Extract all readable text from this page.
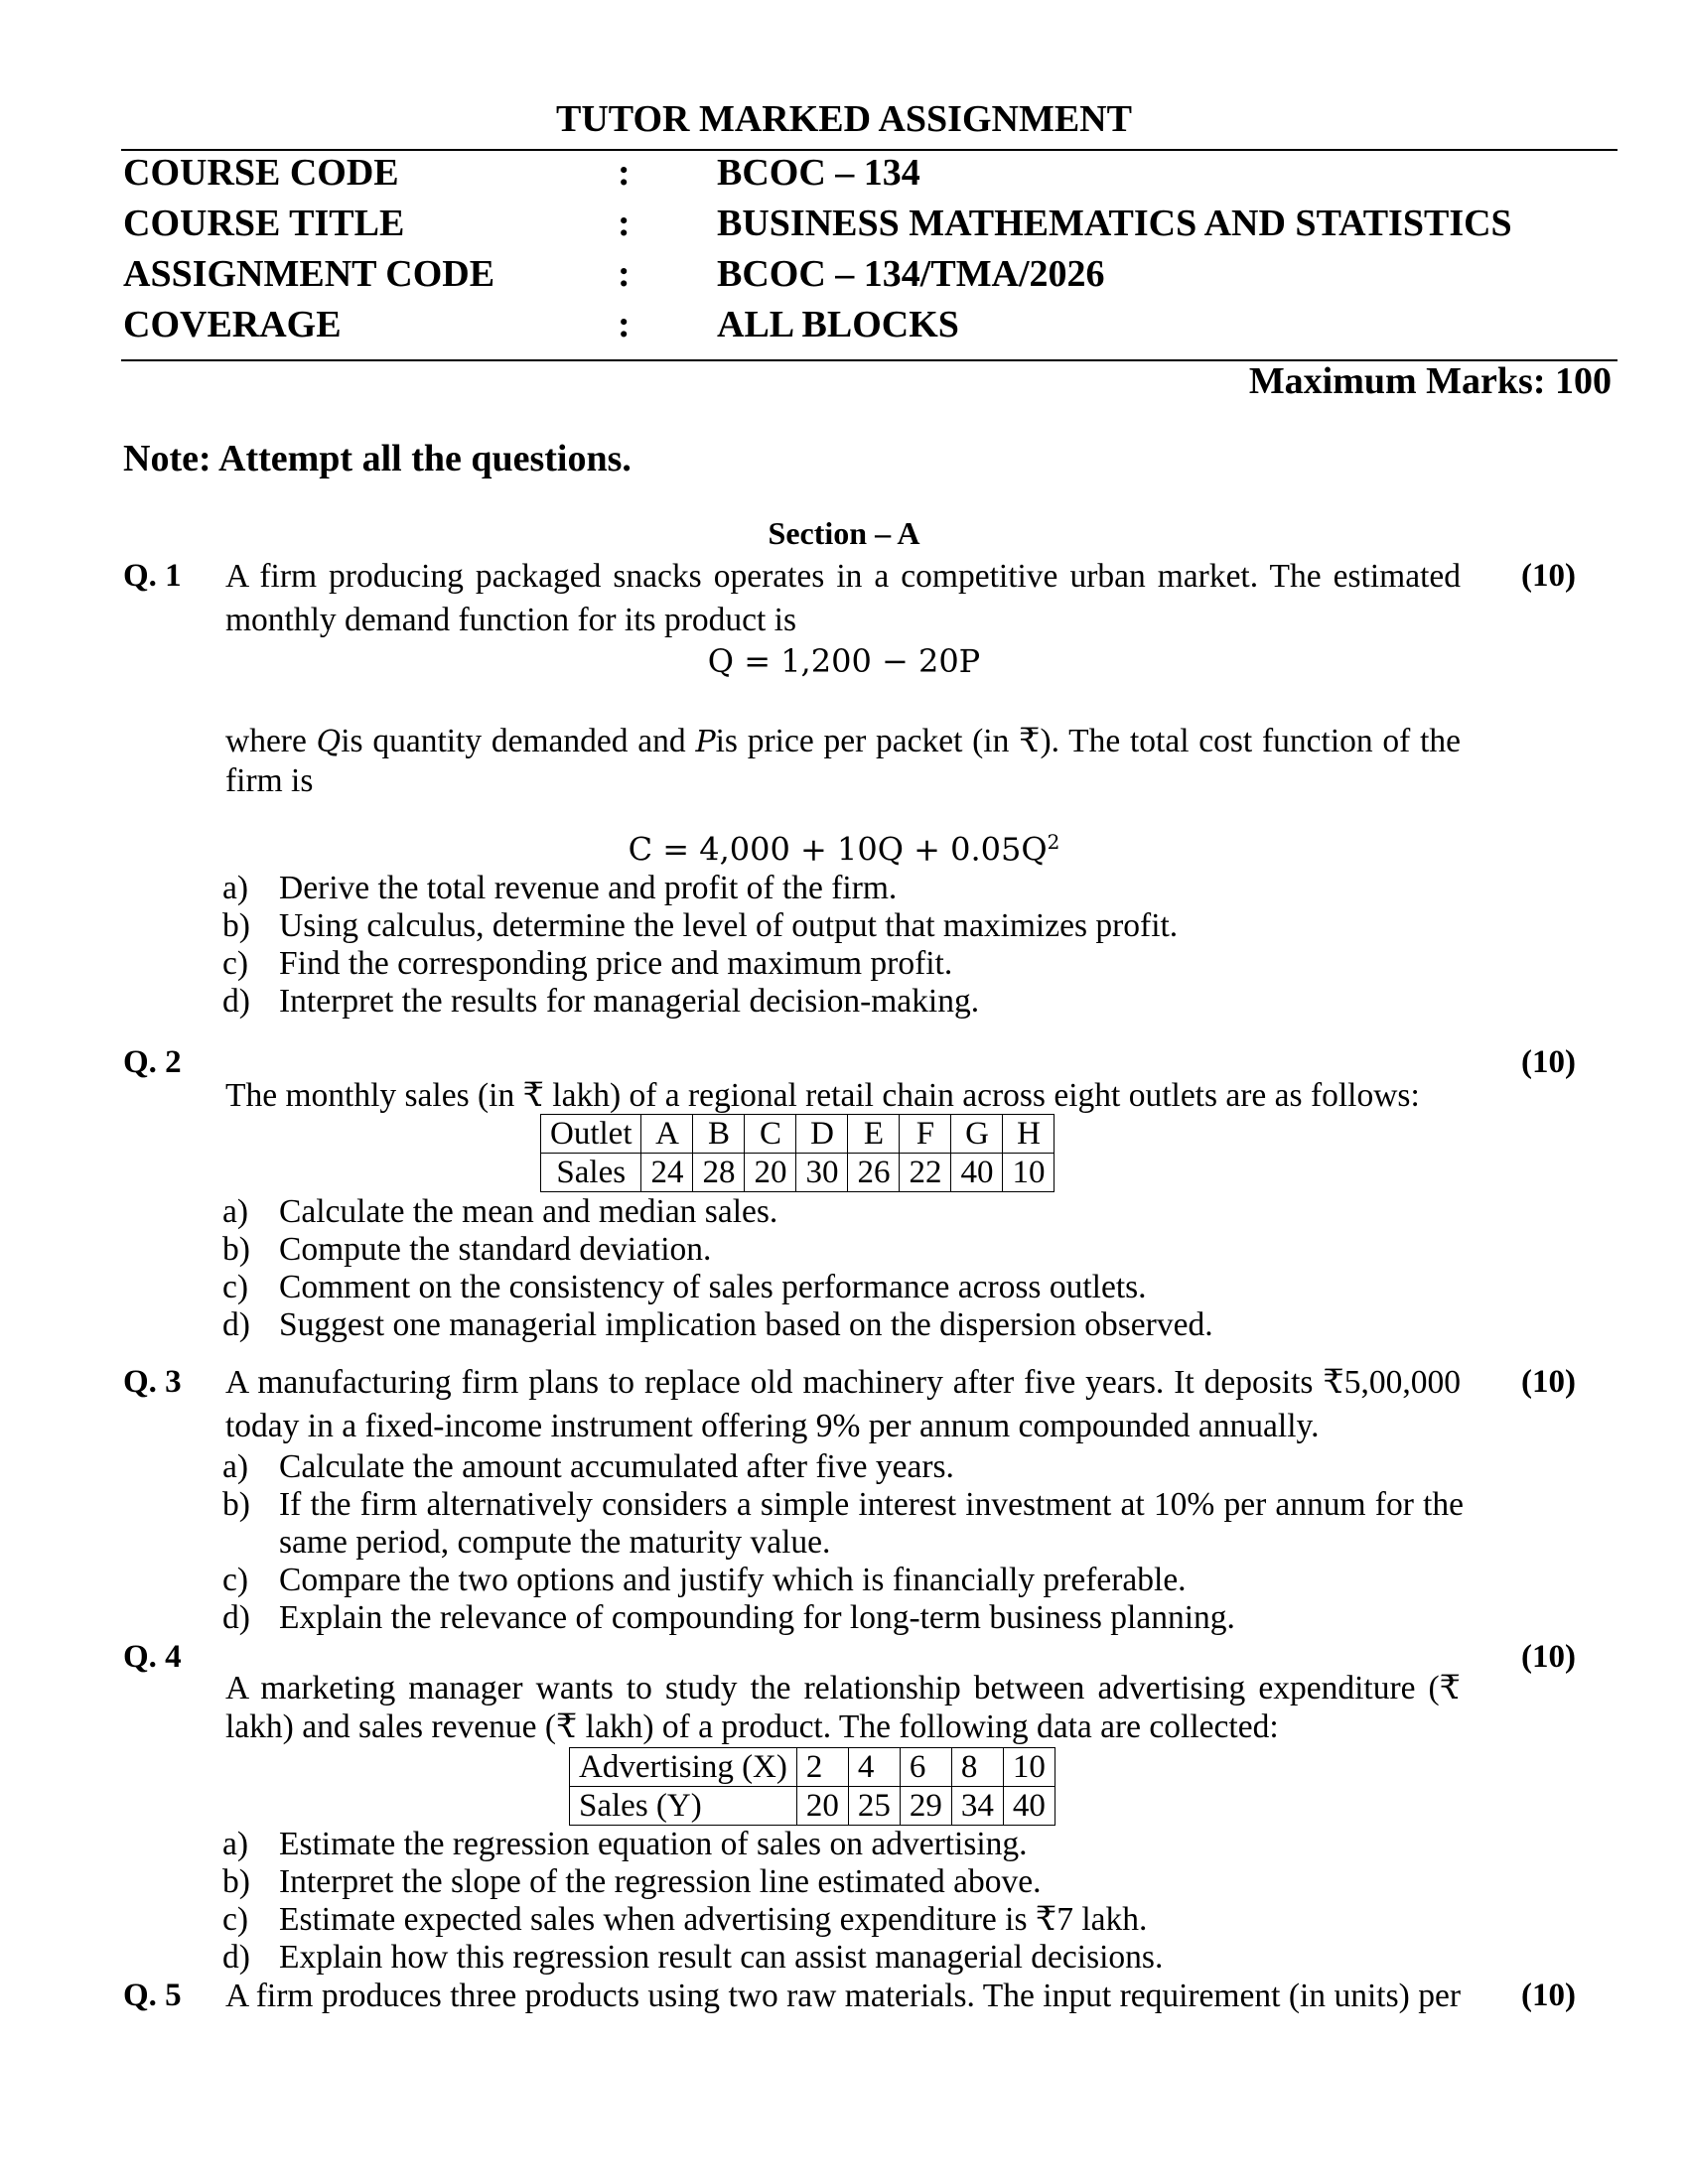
TUTOR MARKED ASSIGNMENT
COURSE CODE	: BCOC – 134
COURSE TITLE	: BUSINESS MATHEMATICS AND STATISTICS
ASSIGNMENT CODE	: BCOC – 134/TMA/2026
COVERAGE	: ALL BLOCKS
Maximum Marks: 100
Note: Attempt all the questions.
Section – A
Q. 1	(10)
A firm producing packaged snacks operates in a competitive urban market. The estimated monthly demand function for its product is
Q = 1,200 − 20P
where Qis quantity demanded and Pis price per packet (in ₹). The total cost function of the firm is
$C = 4,000 + 10Q + 0.05Q^2$
a) Derive the total revenue and profit of the firm.
b) Using calculus, determine the level of output that maximizes profit.
c) Find the corresponding price and maximum profit.
d) Interpret the results for managerial decision-making.
Q. 2	(10)
The monthly sales (in ₹ lakh) of a regional retail chain across eight outlets are as follows:
Outlet	A	B	C	D	E	F	G	H
Sales	24	28	20	30	26	22	40	10
a) Calculate the mean and median sales.
b) Compute the standard deviation.
c) Comment on the consistency of sales performance across outlets.
d) Suggest one managerial implication based on the dispersion observed.
Q. 3	(10)
A manufacturing firm plans to replace old machinery after five years. It deposits ₹5,00,000 today in a fixed-income instrument offering 9% per annum compounded annually.
a) Calculate the amount accumulated after five years.
b) If the firm alternatively considers a simple interest investment at 10% per annum for the same period, compute the maturity value.
c) Compare the two options and justify which is financially preferable.
d) Explain the relevance of compounding for long-term business planning.
Q. 4	(10)
A marketing manager wants to study the relationship between advertising expenditure (₹ lakh) and sales revenue (₹ lakh) of a product. The following data are collected:
Advertising (X)	2	4	6	8	10
Sales (Y)	20	25	29	34	40
a) Estimate the regression equation of sales on advertising.
b) Interpret the slope of the regression line estimated above.
c) Estimate expected sales when advertising expenditure is ₹7 lakh.
d) Explain how this regression result can assist managerial decisions.
Q. 5	(10)
A firm produces three products using two raw materials. The input requirement (in units) per
